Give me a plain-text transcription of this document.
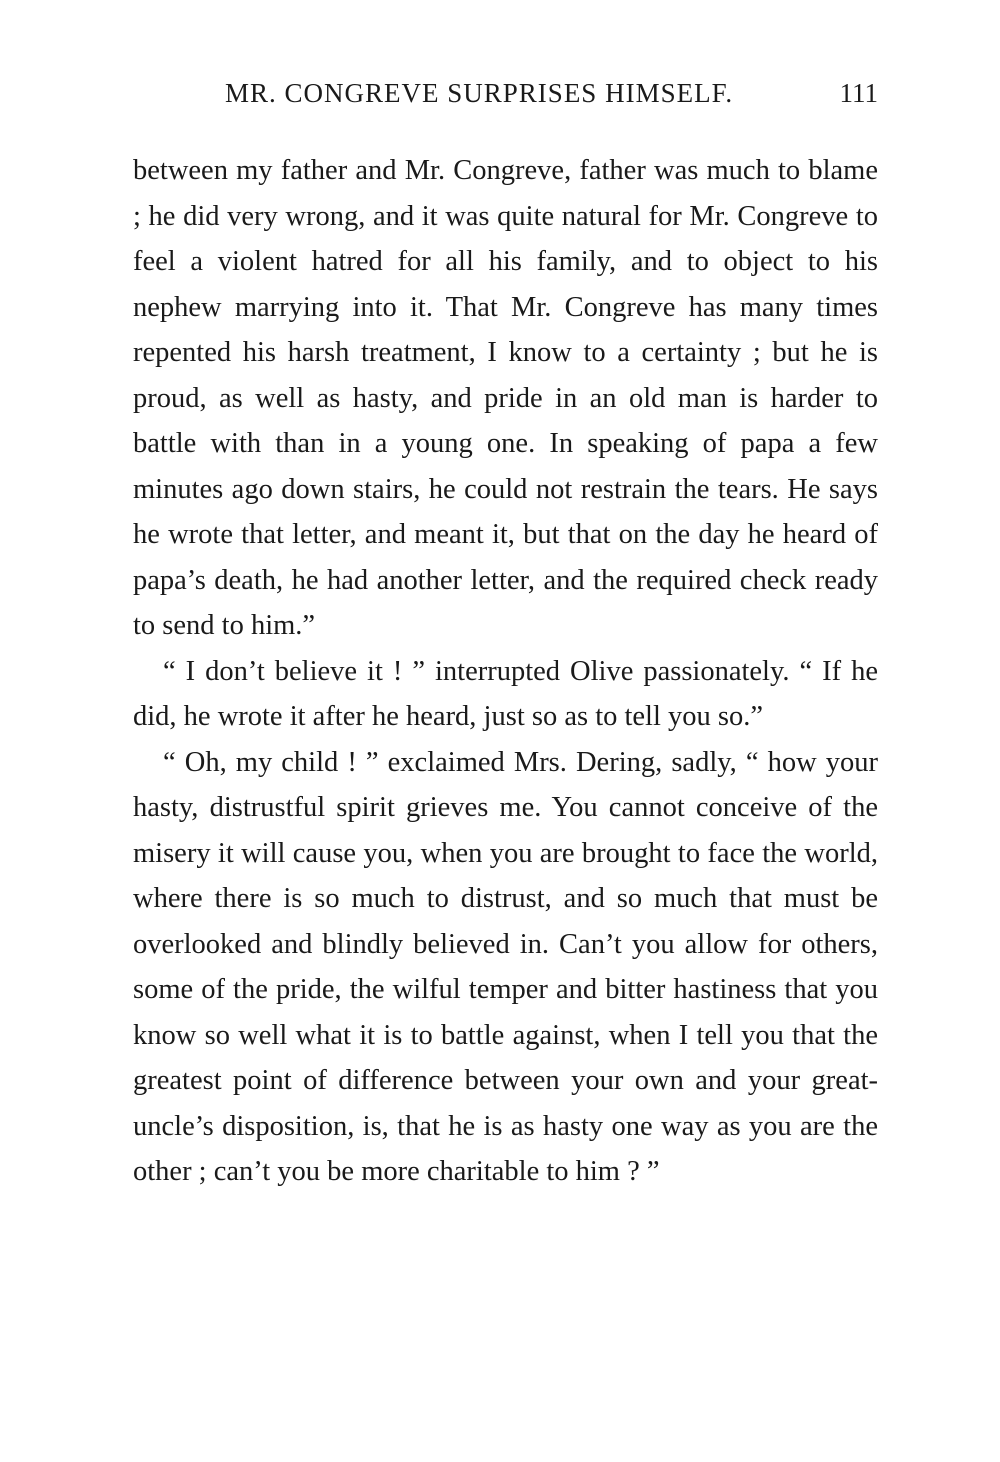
MR. CONGREVE SURPRISES HIMSELF.	111

between my father and Mr. Congreve, father was much to blame ; he did very wrong, and it was quite natural for Mr. Congreve to feel a violent hatred for all his family, and to object to his nephew marrying into it. That Mr. Congreve has many times repented his harsh treatment, I know to a certainty ; but he is proud, as well as hasty, and pride in an old man is harder to battle with than in a young one. In speaking of papa a few minutes ago down stairs, he could not restrain the tears. He says he wrote that letter, and meant it, but that on the day he heard of papa’s death, he had another letter, and the required check ready to send to him.”

“ I don’t believe it ! ” interrupted Olive passionately. “ If he did, he wrote it after he heard, just so as to tell you so.”

“ Oh, my child ! ” exclaimed Mrs. Dering, sadly, “ how your hasty, distrustful spirit grieves me. You cannot conceive of the misery it will cause you, when you are brought to face the world, where there is so much to distrust, and so much that must be overlooked and blindly believed in. Can’t you allow for others, some of the pride, the wilful temper and bitter hastiness that you know so well what it is to battle against, when I tell you that the greatest point of difference between your own and your great-uncle’s disposition, is, that he is as hasty one way as you are the other ; can’t you be more charitable to him ? ”
